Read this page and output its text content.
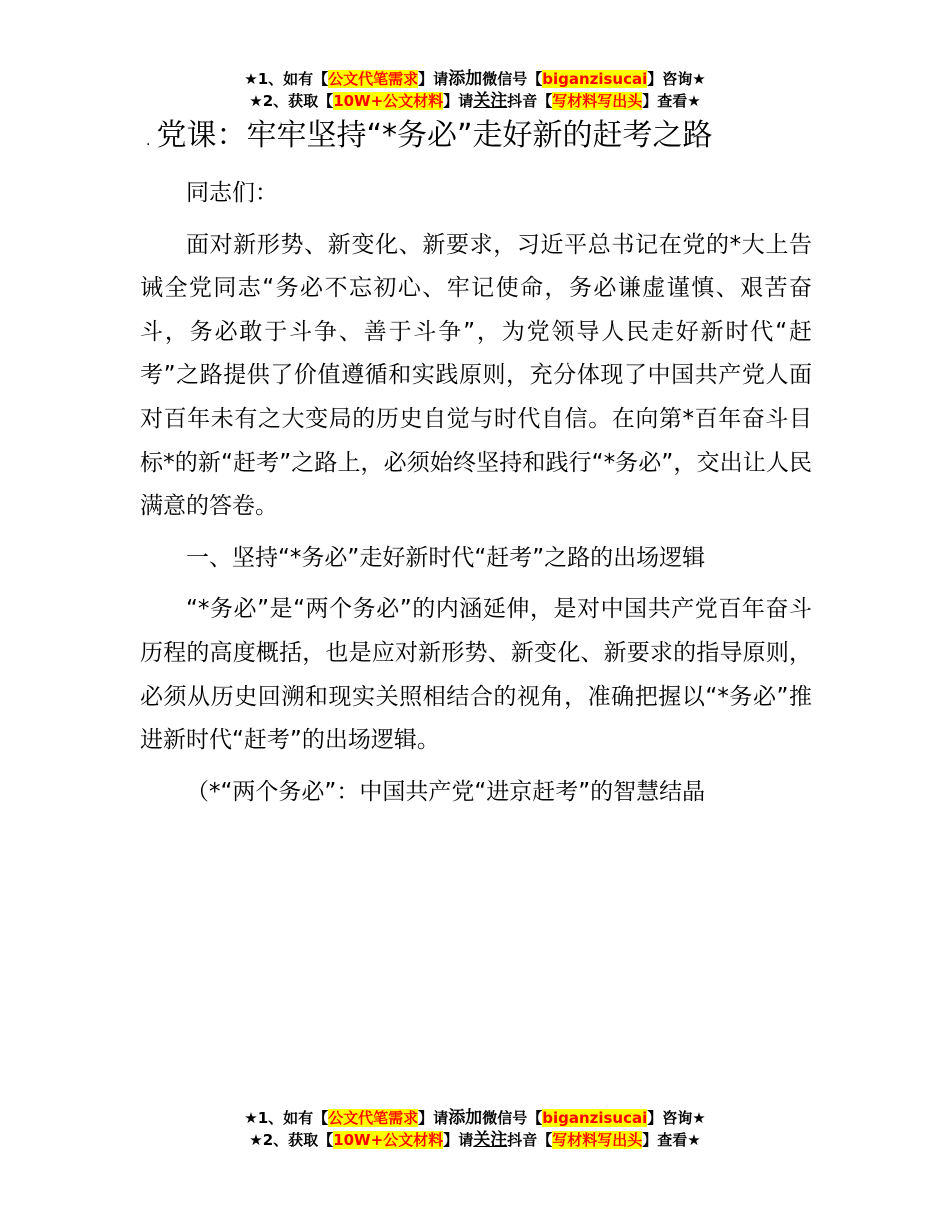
★1、如有【公文代笔需求】请添加微信号【biganzisucai】咨询★
★2、获取【10W+公文材料】请关注抖音【写材料写出头】查看★
. 党课：牢牢坚持“*务必”走好新的赶考之路

同志们：

面对新形势、新变化、新要求，习近平总书记在党的*大上告诫全党同志“务必不忘初心、牢记使命，务必谦虚谨慎、艰苦奋斗，务必敢于斗争、善于斗争”，为党领导人民走好新时代“赶考”之路提供了价值遵循和实践原则，充分体现了中国共产党人面对百年未有之大变局的历史自觉与时代自信。在向第*百年奋斗目标*的新“赶考”之路上，必须始终坚持和践行“*务必”，交出让人民满意的答卷。

一、坚持“*务必”走好新时代“赶考”之路的出场逻辑

“*务必”是“两个务必”的内涵延伸，是对中国共产党百年奋斗历程的高度概括，也是应对新形势、新变化、新要求的指导原则，必须从历史回溯和现实关照相结合的视角，准确把握以“*务必”推进新时代“赶考”的出场逻辑。

（*“两个务必”：中国共产党“进京赶考”的智慧结晶

★1、如有【公文代笔需求】请添加微信号【biganzisucai】咨询★
★2、获取【10W+公文材料】请关注抖音【写材料写出头】查看★
